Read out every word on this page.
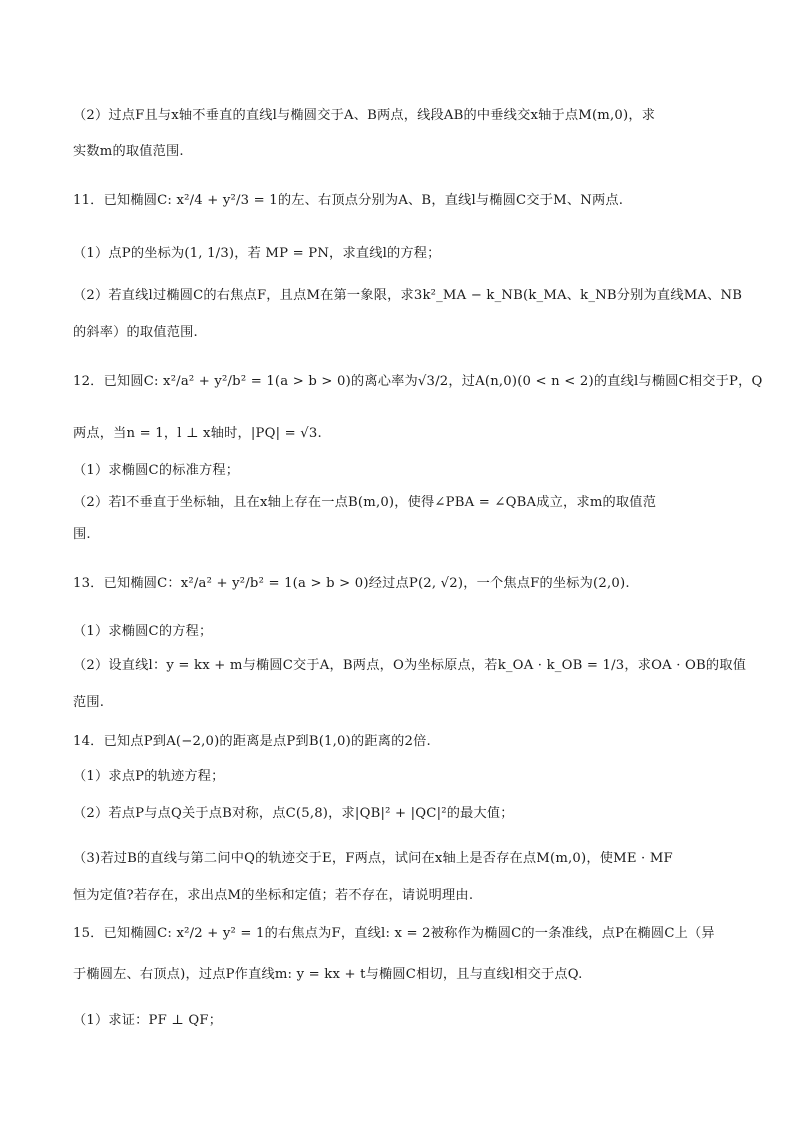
（2）过点F且与x轴不垂直的直线l与椭圆交于A、B两点，线段AB的中垂线交x轴于点M(m,0)，求
实数m的取值范围.
11．已知椭圆C: x²/4 + y²/3 = 1的左、右顶点分别为A、B，直线l与椭圆C交于M、N两点.
（1）点P的坐标为(1, 1/3)，若 MP = PN，求直线l的方程；
（2）若直线l过椭圆C的右焦点F，且点M在第一象限，求3k²_MA − k_NB(k_MA、k_NB分别为直线MA、NB
的斜率）的取值范围.
12．已知圆C: x²/a² + y²/b² = 1(a > b > 0)的离心率为√3/2，过A(n,0)(0 < n < 2)的直线l与椭圆C相交于P，Q
两点，当n = 1，l ⊥ x轴时，|PQ| = √3.
（1）求椭圆C的标准方程；
（2）若l不垂直于坐标轴，且在x轴上存在一点B(m,0)，使得∠PBA = ∠QBA成立，求m的取值范
围.
13．已知椭圆C：x²/a² + y²/b² = 1(a > b > 0)经过点P(2, √2)，一个焦点F的坐标为(2,0).
（1）求椭圆C的方程；
（2）设直线l：y = kx + m与椭圆C交于A，B两点，O为坐标原点，若k_OA · k_OB = 1/3，求OA · OB的取值
范围.
14．已知点P到A(−2,0)的距离是点P到B(1,0)的距离的2倍.
（1）求点P的轨迹方程；
（2）若点P与点Q关于点B对称，点C(5,8)，求|QB|² + |QC|²的最大值；
（3)若过B的直线与第二问中Q的轨迹交于E，F两点，试问在x轴上是否存在点M(m,0)，使ME · MF
恒为定值?若存在，求出点M的坐标和定值；若不存在，请说明理由.
15．已知椭圆C: x²/2 + y² = 1的右焦点为F，直线l: x = 2被称作为椭圆C的一条准线，点P在椭圆C上（异
于椭圆左、右顶点)，过点P作直线m: y = kx + t与椭圆C相切，且与直线l相交于点Q.
（1）求证：PF ⊥ QF；
